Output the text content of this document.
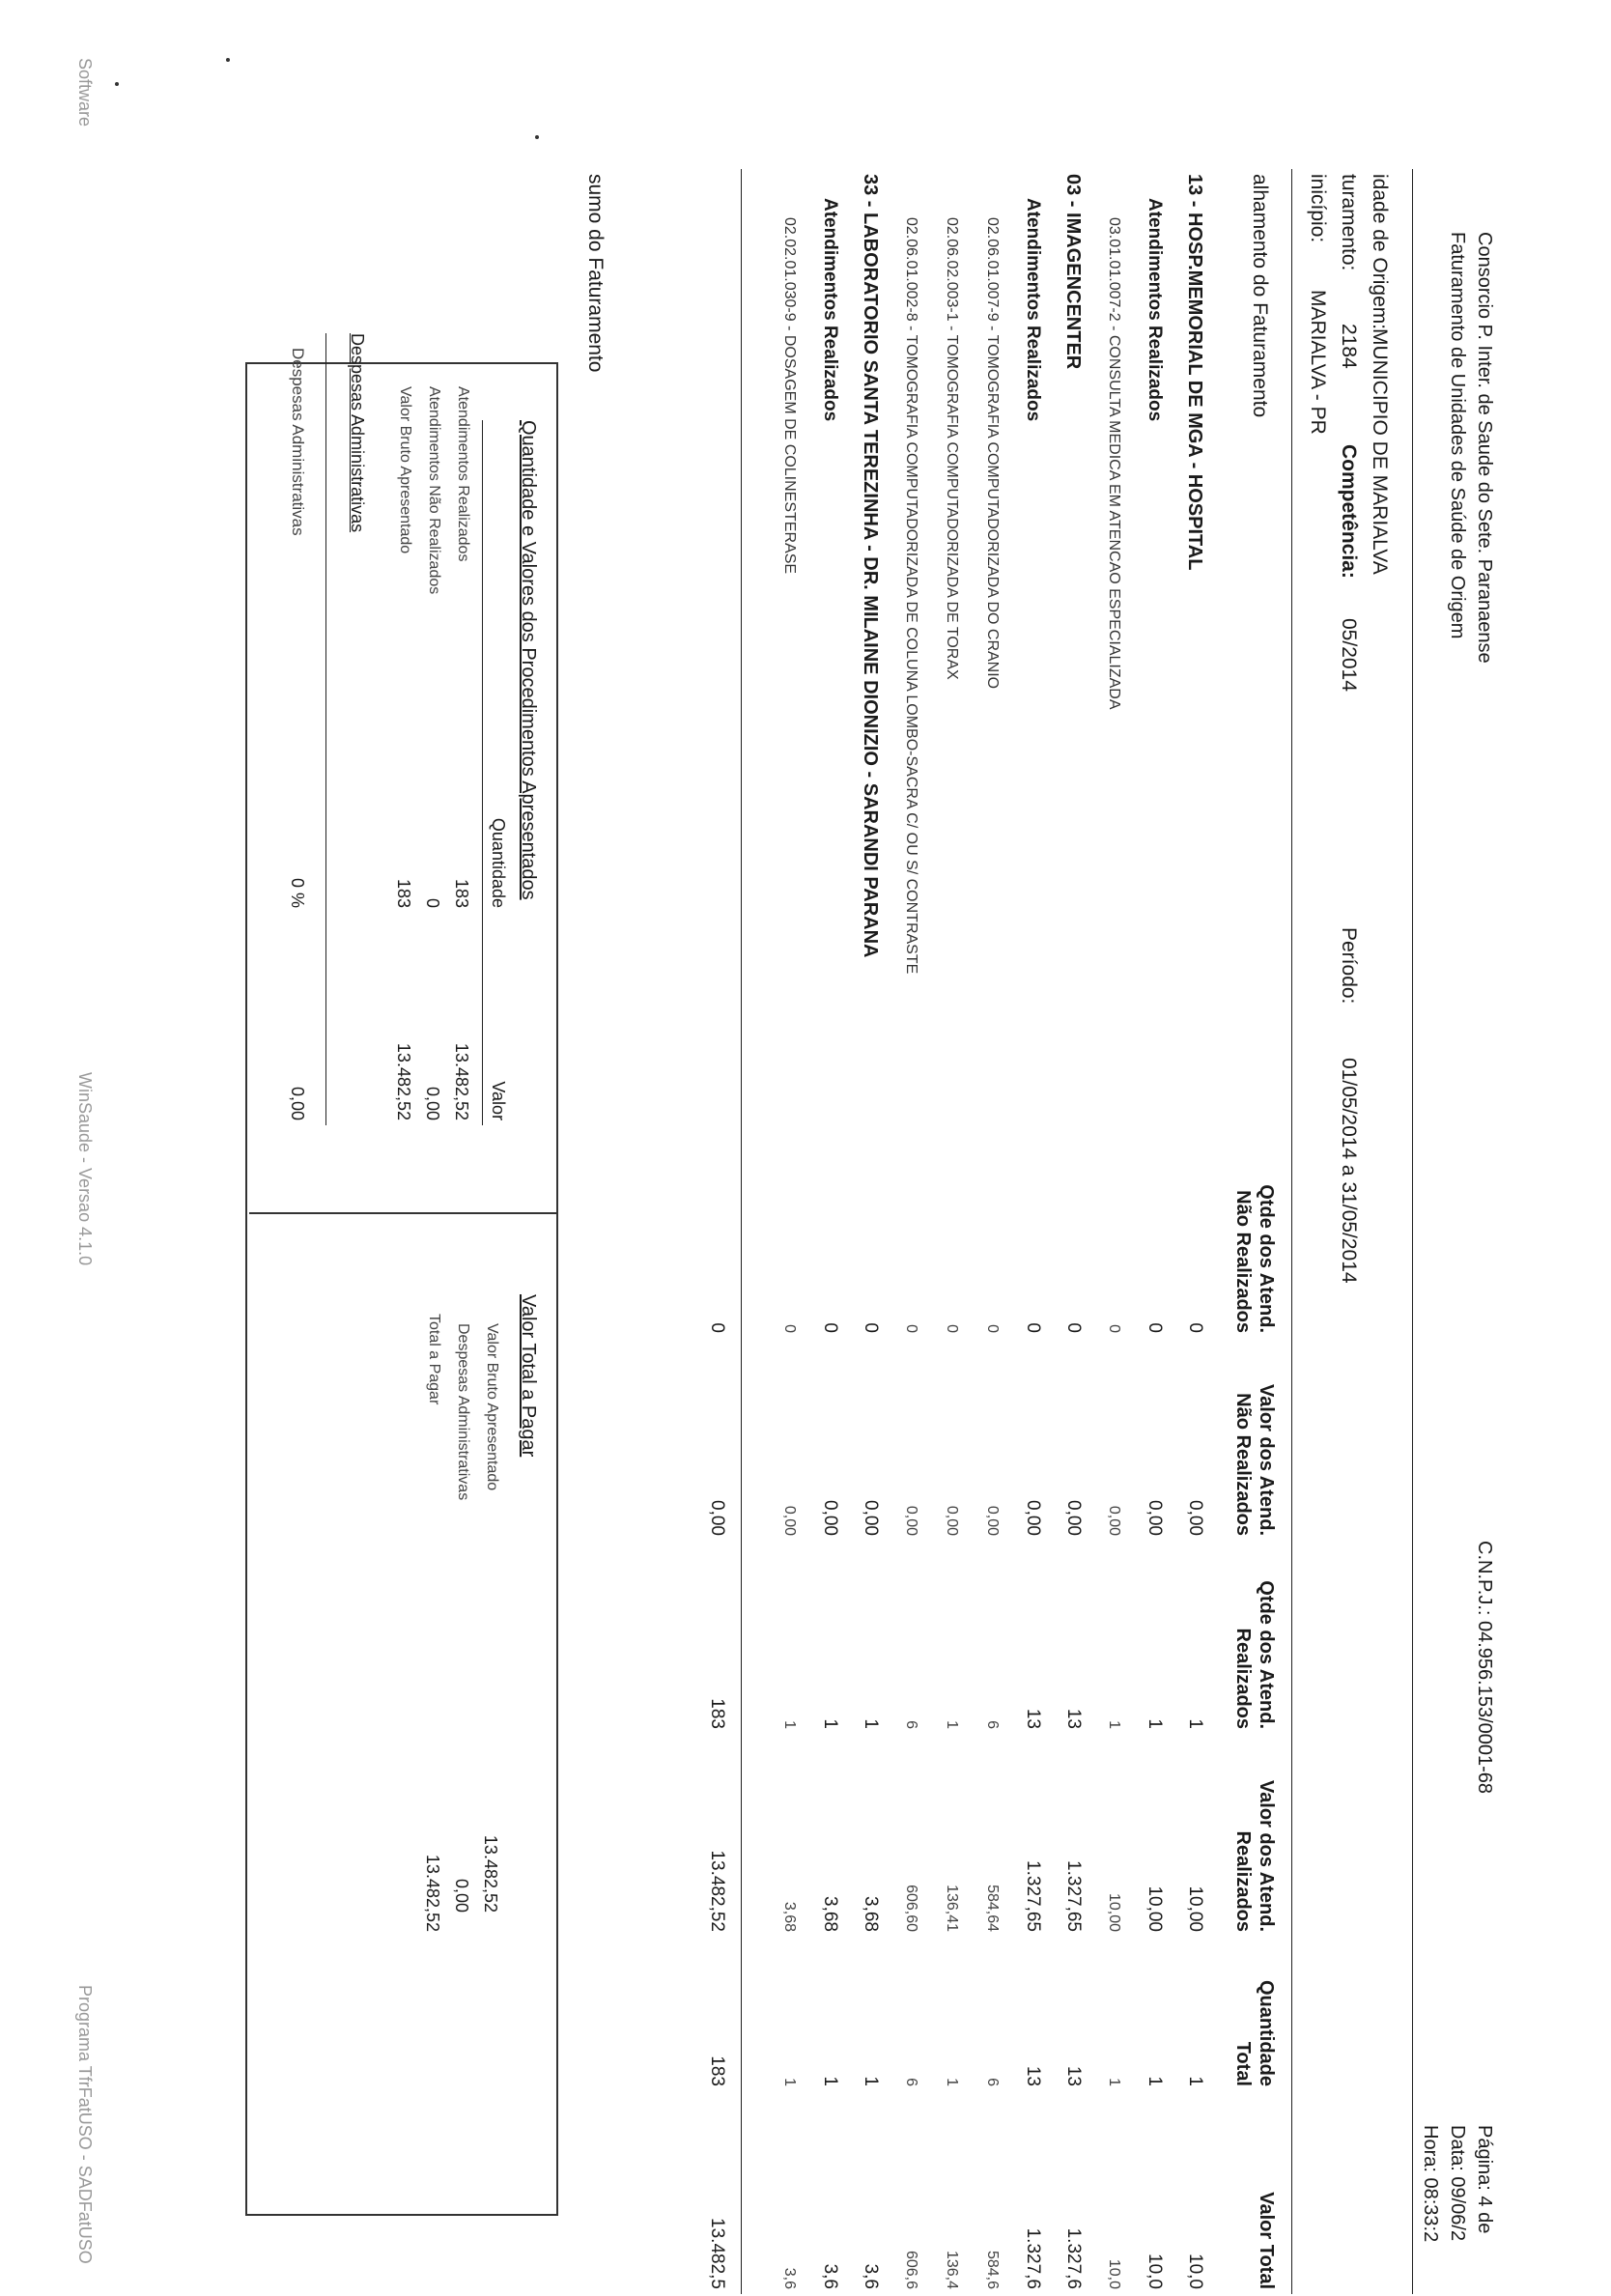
Consorcio P. Inter. de Saude do Sete. Paranaense
C.N.P.J.: 04.956.153/0001-68
Página: 4 de
Faturamento de Unidades de Saúde de Origem
Data: 09/06/2
Hora: 08:33:2
idade de Origem:
MUNICIPIO DE MARIALVA
turamento:
2184
Competência:
05/2014
Período:
01/05/2014 a 31/05/2014
inicípio:
MARIALVA - PR
alhamento do Faturamento
Qtde dos Atend.
Não Realizados
Valor dos Atend.
Não Realizados
Qtde dos Atend.
Realizados
Valor dos Atend.
Realizados
Quantidade
Total
Valor Total
13 - HOSP.MEMORIAL DE MGA - HOSPITAL
0
0,00
1
10,00
1
10,0
Atendimentos Realizados
0
0,00
1
10,00
1
10,0
03.01.01.007-2 - CONSULTA MEDICA EM ATENCAO ESPECIALIZADA
0
0,00
1
10,00
1
10,0
03 - IMAGENCENTER
0
0,00
13
1.327,65
13
1.327,6
Atendimentos Realizados
0
0,00
13
1.327,65
13
1.327,6
02.06.01.007-9 - TOMOGRAFIA COMPUTADORIZADA DO CRANIO
0
0,00
6
584,64
6
584,6
02.06.02.003-1 - TOMOGRAFIA COMPUTADORIZADA DE TORAX
0
0,00
1
136,41
1
136,4
02.06.01.002-8 - TOMOGRAFIA COMPUTADORIZADA DE COLUNA LOMBO-SACRA C/ OU S/ CONTRASTE
0
0,00
6
606,60
6
606,6
33 - LABORATORIO SANTA TEREZINHA - DR. MILAINE DIONIZIO - SARANDI PARANA
0
0,00
1
3,68
1
3,6
Atendimentos Realizados
0
0,00
1
3,68
1
3,6
02.02.01.030-9 - DOSAGEM DE COLINESTERASE
0
0,00
1
3,68
1
3,6
0
0,00
183
13.482,52
183
13.482,5
sumo do Faturamento
Quantidade e Valores dos Procedimentos Apresentados
Quantidade
Valor
Atendimentos Realizados
183
13.482,52
Atendimentos Não Realizados
0
0,00
Valor Bruto Apresentado
183
13.482,52
Despesas Administrativas
Despesas Administrativas
0 %
0,00
Valor Total a Pagar
Valor Bruto Apresentado
13.482,52
Despesas Administrativas
0,00
Total a Pagar
13.482,52
Software
WinSaude - Versao 4.1.0
Programa TfrFatUSO - SADFatUSO
